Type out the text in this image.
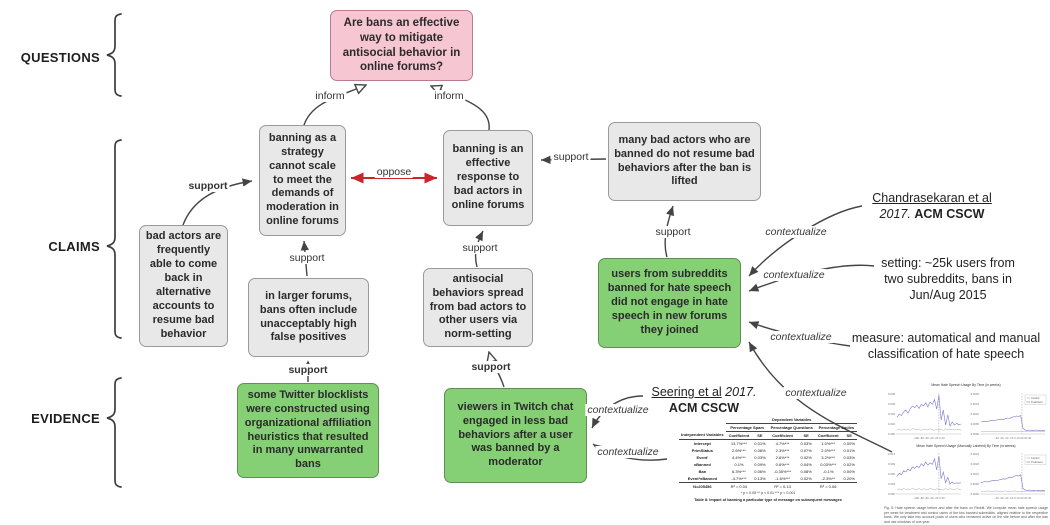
QUESTIONS
CLAIMS
EVIDENCE
Are bans an effective way to mitigate antisocial behavior in online forums?
banning as a strategy cannot scale to meet the demands of moderation in online forums
banning is an effective response to bad actors in online forums
many bad actors who are banned do not resume bad behaviors after the ban is lifted
bad actors are frequently able to come back in alternative accounts to resume bad behavior
in larger forums, bans often include unacceptably high false positives
antisocial behaviors spread from bad actors to other users via norm-setting
users from subreddits banned for hate speech did not engage in hate speech in new forums they joined
some Twitter blocklists were constructed using organizational affiliation heuristics that resulted in many unwarranted bans
viewers in Twitch chat engaged in less bad behaviors after a user was banned by a moderator
inform	inform
support
oppose
support
support
support
support
support	support
contextualize
contextualize
contextualize
contextualize
contextualize
contextualize
Chandrasekaran et al 2017. ACM CSCW
setting: ~25k users from two subreddits, bans in Jun/Aug 2015
measure: automatical and manual classification of hate speech
Seering et al 2017.
ACM CSCW
	Dependent Variables					
	Percentage Spam		Percentage Questions		Percentage Smiles	
Independent Variables	Coefficient	SE	Coefficient	SE	Coefficient	SE
Intercept	13.7%***	0.01%	4.7%***	0.03%	1.0%***	0.00%
PrimStatus	2.6%***	0.06%	2.3%***	0.07%	2.0%***	0.01%
Event'	4.4%***	0.03%	2.6%***	0.02%	3.2%***	0.03%
xBanned	0.1%	0.09%	0.6%***	0.04%	0.03%***	0.02%
Ban	6.3%***	0.06%	-0.35%***	0.08%	-0.1%	0.00%
Event*xBanned	-4.7%***	0.13%	-1.6%***	0.02%	-2.3%**	0.20%
N=205456	R² = 0.04		R² = 0.13		R² = 0.06	
* p < 0.05 ** p < 0.01 *** p < 0.001
Table 8: Impact of banning a particular type of message on subsequent messages
Mean Hate Speech Usage By Time (in weeks)
0.008
0.006
0.004
0.002
0.000
-100 -80 -60 -40 -20 0 20
0.0020
0.0015
0.0010
0.0005
0.0000
-40 -30 -20 -10 0 10 20 30 40
Control
Treatment
Mean Hate Speech Usage (Manually Labeled) By Time (in weeks)
0.012
0.009
0.006
0.003
0.000
-100 -80 -60 -40 -20 0 20
0.0024
0.0018
0.0012
0.0006
0.0000
-40 -30 -20 -10 0 10 20 30 40
Control
Treatment
Fig. 5: Hate speech usage before and after the bans on Reddit. We compute mean hate speech usage per week for treatment and control users of the two banned subreddits, aligned relative to the respective bans. We only take into account posts of users who remained active on the site before and after the ban and use windows of one year.
